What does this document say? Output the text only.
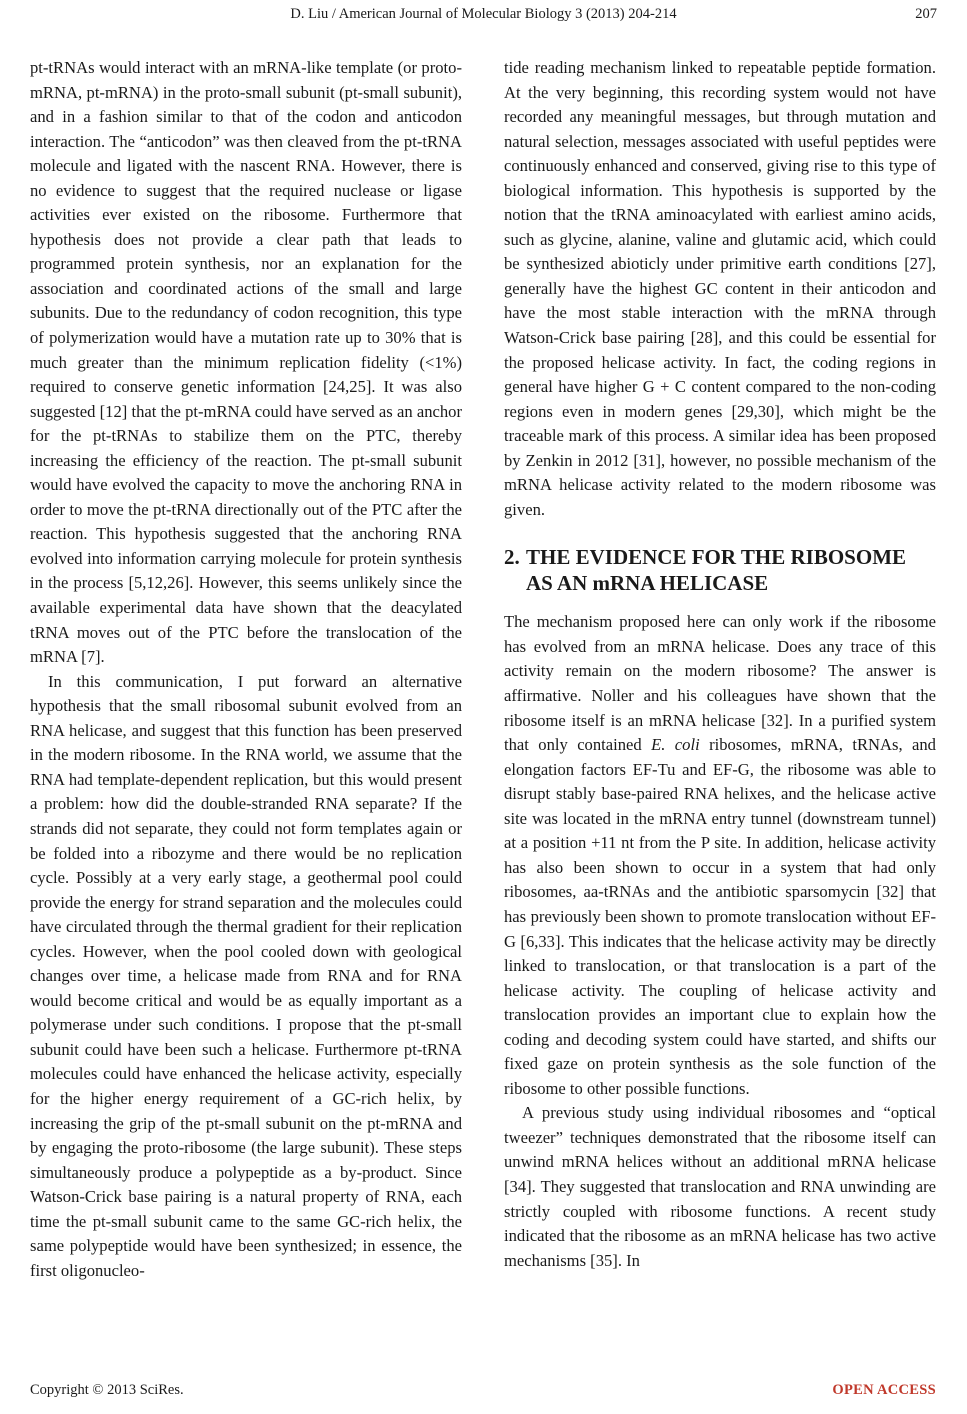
D. Liu / American Journal of Molecular Biology 3 (2013) 204-214	207

pt-tRNAs would interact with an mRNA-like template (or proto-mRNA, pt-mRNA) in the proto-small subunit (pt-small subunit), and in a fashion similar to that of the codon and anticodon interaction. The “anticodon” was then cleaved from the pt-tRNA molecule and ligated with the nascent RNA. However, there is no evidence to suggest that the required nuclease or ligase activities ever existed on the ribosome. Furthermore that hypothesis does not provide a clear path that leads to programmed protein synthesis, nor an explanation for the association and coordinated actions of the small and large subunits. Due to the redundancy of codon recognition, this type of polymerization would have a mutation rate up to 30% that is much greater than the minimum replication fidelity (<1%) required to conserve genetic information [24,25]. It was also suggested [12] that the pt-mRNA could have served as an anchor for the pt-tRNAs to stabilize them on the PTC, thereby increasing the efficiency of the reaction. The pt-small subunit would have evolved the capacity to move the anchoring RNA in order to move the pt-tRNA directionally out of the PTC after the reaction. This hypothesis suggested that the anchoring RNA evolved into information carrying molecule for protein synthesis in the process [5,12,26]. However, this seems unlikely since the available experimental data have shown that the deacylated tRNA moves out of the PTC before the translocation of the mRNA [7].

In this communication, I put forward an alternative hypothesis that the small ribosomal subunit evolved from an RNA helicase, and suggest that this function has been preserved in the modern ribosome. In the RNA world, we assume that the RNA had template-dependent replication, but this would present a problem: how did the double-stranded RNA separate? If the strands did not separate, they could not form templates again or be folded into a ribozyme and there would be no replication cycle. Possibly at a very early stage, a geothermal pool could provide the energy for strand separation and the molecules could have circulated through the thermal gradient for their replication cycles. However, when the pool cooled down with geological changes over time, a helicase made from RNA and for RNA would become critical and would be as equally important as a polymerase under such conditions. I propose that the pt-small subunit could have been such a helicase. Furthermore pt-tRNA molecules could have enhanced the helicase activity, especially for the higher energy requirement of a GC-rich helix, by increasing the grip of the pt-small subunit on the pt-mRNA and by engaging the proto-ribosome (the large subunit). These steps simultaneously produce a polypeptide as a by-product. Since Watson-Crick base pairing is a natural property of RNA, each time the pt-small subunit came to the same GC-rich helix, the same polypeptide would have been synthesized; in essence, the first oligonucleo-

tide reading mechanism linked to repeatable peptide formation. At the very beginning, this recording system would not have recorded any meaningful messages, but through mutation and natural selection, messages associated with useful peptides were continuously enhanced and conserved, giving rise to this type of biological information. This hypothesis is supported by the notion that the tRNA aminoacylated with earliest amino acids, such as glycine, alanine, valine and glutamic acid, which could be synthesized abioticly under primitive earth conditions [27], generally have the highest GC content in their anticodon and have the most stable interaction with the mRNA through Watson-Crick base pairing [28], and this could be essential for the proposed helicase activity. In fact, the coding regions in general have higher G + C content compared to the non-coding regions even in modern genes [29,30], which might be the traceable mark of this process. A similar idea has been proposed by Zenkin in 2012 [31], however, no possible mechanism of the mRNA helicase activity related to the modern ribosome was given.

2. THE EVIDENCE FOR THE RIBOSOME
AS AN mRNA HELICASE

The mechanism proposed here can only work if the ribosome has evolved from an mRNA helicase. Does any trace of this activity remain on the modern ribosome? The answer is affirmative. Noller and his colleagues have shown that the ribosome itself is an mRNA helicase [32]. In a purified system that only contained E. coli ribosomes, mRNA, tRNAs, and elongation factors EF-Tu and EF-G, the ribosome was able to disrupt stably base-paired RNA helixes, and the helicase active site was located in the mRNA entry tunnel (downstream tunnel) at a position +11 nt from the P site. In addition, helicase activity has also been shown to occur in a system that had only ribosomes, aa-tRNAs and the antibiotic sparsomycin [32] that has previously been shown to promote translocation without EF-G [6,33]. This indicates that the helicase activity may be directly linked to translocation, or that translocation is a part of the helicase activity. The coupling of helicase activity and translocation provides an important clue to explain how the coding and decoding system could have started, and shifts our fixed gaze on protein synthesis as the sole function of the ribosome to other possible functions.

A previous study using individual ribosomes and “optical tweezer” techniques demonstrated that the ribosome itself can unwind mRNA helices without an additional mRNA helicase [34]. They suggested that translocation and RNA unwinding are strictly coupled with ribosome functions. A recent study indicated that the ribosome as an mRNA helicase has two active mechanisms [35]. In

Copyright © 2013 SciRes.	OPEN ACCESS
